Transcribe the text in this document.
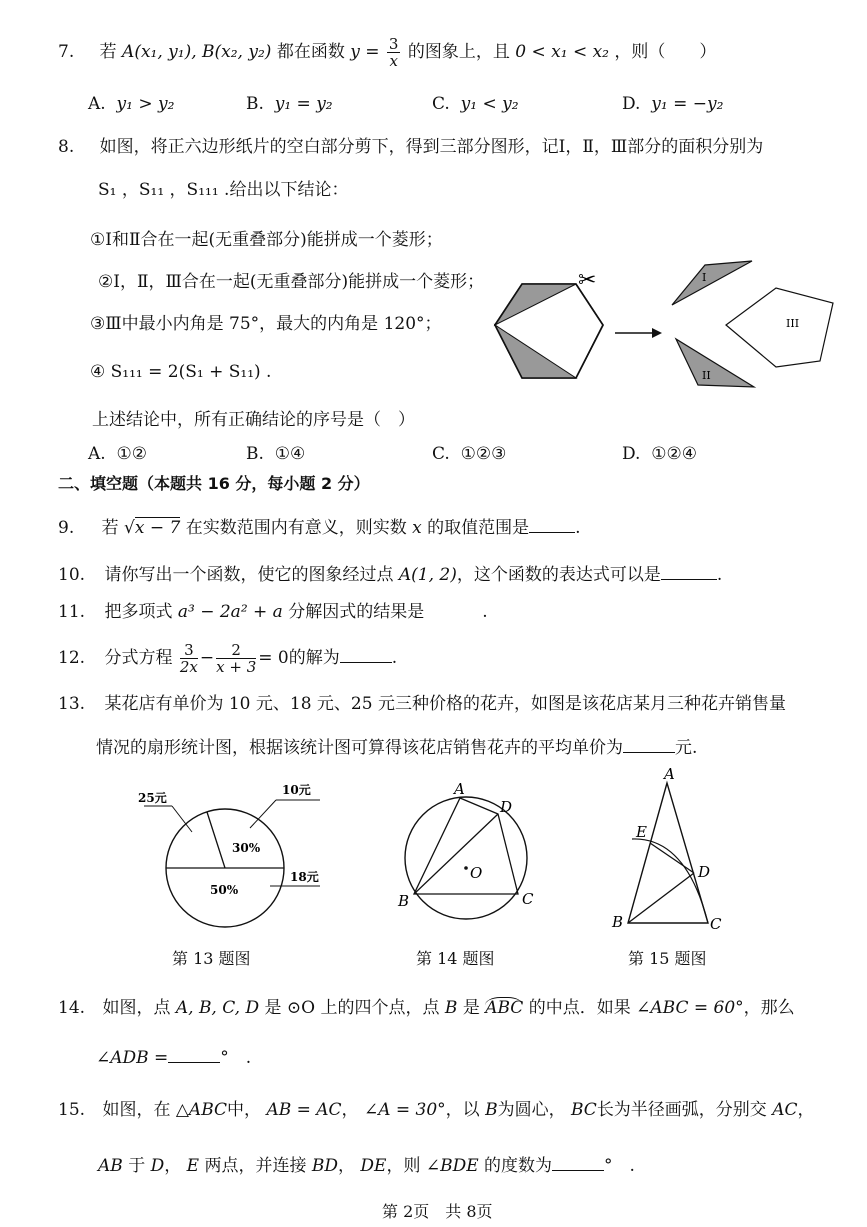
7. 若 A(x₁, y₁), B(x₂, y₂) 都在函数 $y = \frac{3}{x}$ 的图象上，且 0 < x₁ < x₂ ，则（　　）
A. y₁ > y₂	B. y₁ = y₂	C. y₁ < y₂	D. y₁ = −y₂
8. 如图，将正六边形纸片的空白部分剪下，得到三部分图形，记Ⅰ，Ⅱ，Ⅲ部分的面积分别为
S₁ ，S₁₁ ，S₁₁₁ .给出以下结论：
①Ⅰ和Ⅱ合在一起(无重叠部分)能拼成一个菱形；
②Ⅰ，Ⅱ，Ⅲ合在一起(无重叠部分)能拼成一个菱形；
③Ⅲ中最小内角是 75°，最大的内角是 120°；
④ S₁₁₁ = 2(S₁ + S₁₁) .
上述结论中，所有正确结论的序号是（　）
A. ①②	B. ①④	C. ①②③	D. ①②④
✂	I
III
II
二、填空题（本题共 16 分，每小题 2 分）
9. 若 √x − 7 在实数范围内有意义，则实数 x 的取值范围是	.
10. 请你写出一个函数，使它的图象经过点 A(1, 2)，这个函数的表达式可以是	.
11. 把多项式 a³ − 2a² + a 分解因式的结果是	.
12. 分式方程 $\frac{3}{2x} - \frac{2}{x + 3} = 0$的解为	.
13. 某花店有单价为 10 元、18 元、25 元三种价格的花卉，如图是该花店某月三种花卉销售量
情况的扇形统计图，根据该统计图可算得该花店销售花卉的平均单价为	元.
25元
10元
18元
30%
50%
第 13 题图
A
D
B	C
O
第 14 题图
A
E
D
B	C
第 15 题图
14. 如图，点 A, B, C, D 是 ⊙O 上的四个点，点 B 是 ABC 的中点．如果 ∠ABC = 60°，那么
∠ADB =	°　.
15. 如图，在 △ABC中， AB = AC， ∠A = 30°，以 B为圆心， BC长为半径画弧，分别交 AC，
AB 于 D， E 两点，并连接 BD， DE，则 ∠BDE 的度数为	°　.
第 2页　共 8页
